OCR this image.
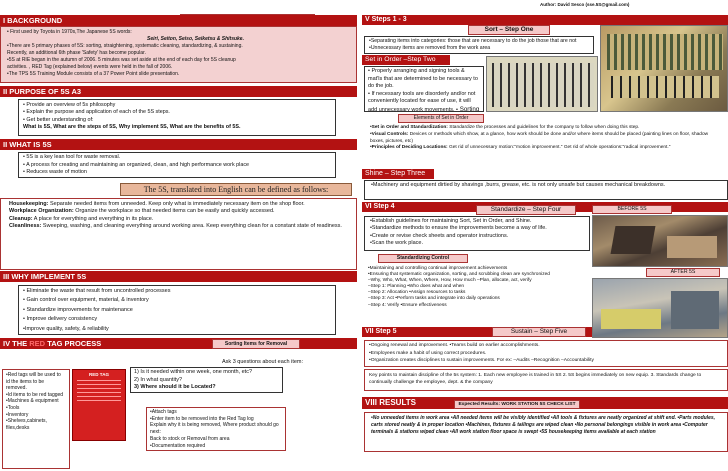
Author: David Sesco (sse.5S@gmail.com)
I BACKGROUND
• First used by Toyota in 1970s,The Japanese 5S words:
Seiri, Seiton, Seiso, Seiketsu & Shitsuke.
•There are 5 primary phases of 5S: sorting, straightening, systematic cleaning, standardizing, & sustaining.
Recently, an additional 6th phase 'Safety' has become popular.
•5S at RIE began in the autumn of 2006. 5 minutes was set aside at the end of each day for 5S cleanup
activities. , RED Tag (explained below) events were held in the fall of 2006.
•The TPS 5S Training Module consists of a 37 Power Point slide presentation.
II PURPOSE OF 5S A3
• Provide an overview of 5s philosophy
• Explain the purpose and application of each of the 5S steps.
• Get better understanding of:
What is 5S, What are the steps of 5S, Why implement 5S, What are the benefits of 5S.
II WHAT IS 5S
• 5S is a key lean tool for waste removal.
• A process for creating and maintaining an organized, clean, and high performance work place
• Reduces waste of motion
The 5S, translated into English can be defined as follows:
Housekeeping: Separate needed items from unneeded. Keep only what is immediately necessary item on the shop floor.
Workplace Organization: Organize the workplace so that needed items can be easily and quickly accessed.
Cleanup: A place for everything and everything in its place.
Cleanliness: Sweeping, washing, and cleaning everything around working area. Keep everything clean for a constant state of readiness.
III WHY IMPLEMENT 5S
• Eliminate the waste that result from uncontrolled processes
• Gain control over equipment, material, & inventory
• Standardize improvements for maintenance
• Improve delivery consistency
•Improve quality, safety, & reliability
IV THE RED TAG PROCESS	Sorting Items for Removal
Ask 3 questions about each item:
1) Is it needed within one week, one month, etc?
2) In what quantity?
3) Where should it be Located?
•Red tags will be used to id the items to be removed.
•Id items to be red tagged
•Machines & equipment
•Tools
•Inventory
•Shelves,cabinets, files,desks
RED TAG
•Attach tags
•Enter item to be removed into the Red Tag log
Explain why it is being removed, Where product should go next:
Back to stock or Removal from area
•Documentation required
V Steps 1 - 3
Sort – Step One
•Separating items into categories: those that are necessary to do the job those that are not
•Unnecessary items are removed from the work area
Set in Order –Step Two
• Properly arranging and signing tools & mat'ls that are determined to be necessary to do the job.
• If necessary tools are disorderly and/or not conveniently located for ease of use, it will add unnecessary work movements. • Sorting
Elements of Set in Order
•Set in Order and Standardization: Standardize the processes and guidelines for the company to follow when doing this step.
•Visual Controls: Devices or methods which show, at a glance, how work should be done and/or where items should be placed (painting lines on floor, shadow boxes, pictures, etc)
•Principles of Deciding Locations: Get rid of unnecessary motion:"motion improvement." Get rid of whole operations:"radical improvement."
Shine – Step Three
•Machinery and equipment dirtied by shavings ,burrs, grease, etc. is not only unsafe but causes mechanical breakdowns.
VI Step 4	Standardize – Step Four	BEFORE 5S
•Establish guidelines for maintaining Sort, Set in Order, and Shine.
•Standardize methods to ensure the improvements become a way of life.
•Create or revise check sheets and operator instructions.
•Scan the work place.
Standardizing Control
•Maintaining and controlling continual improvement achievements
•Ensuring that systematic organization, sorting, and scrubbing clean are synchronized
–Why, Who, What, When, Where, How, How much –Plan, allocate, act, verify
–Step 1: Planning •Who does what and when
–Step 2: Allocation •Assign resources to tasks
–Step 3: Act •Perform tasks and integrate into daily operations
–Step 4: Verify •Ensure effectiveness
AFTER 5S
VII Step 5	Sustain – Step Five
•Ongoing renewal and improvement. •Teams build on earlier accomplishments.
•Employees make a habit of using correct procedures.
•Organization creates disciplines to sustain improvements. For ex: –Audits –Recognition –Accountability
Key points to maintain discipline of the 5s system: 1. Each new employee is trained in 5S 2. 5S begins immediately on new equip. 3. Standards change to continually challenge the employee, dept. & the company
VIII RESULTS	Expected Results: WORK STATION 5S CHECK LIST
•No unneeded items in work area •All needed items will be visibly identified •All tools & fixtures are neatly organized at shift end. •Parts modules, carts stored neatly & in proper location •Machines, fixtures & tailings are wiped clean •No personal belongings visible in work area •Computer terminals & stations wiped clean •All work station floor space is swept •5S housekeeping items available at each station
